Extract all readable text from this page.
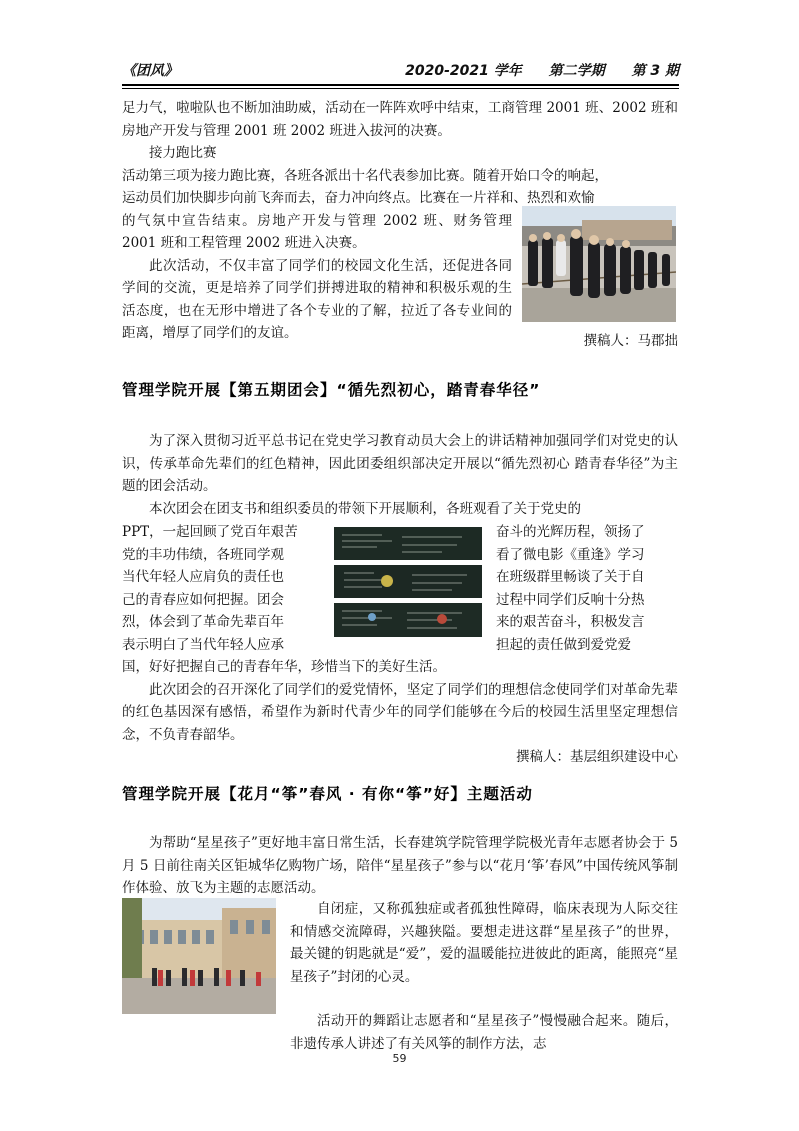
《团风》	2020-2021 学年 第二学期 第 3 期

足力气，啦啦队也不断加油助威，活动在一阵阵欢呼中结束，工商管理 2001 班、2002 班和房地产开发与管理 2001 班 2002 班进入拔河的决赛。

接力跑比赛

活动第三项为接力跑比赛，各班各派出十名代表参加比赛。随着开始口令的响起，

运动员们加快脚步向前飞奔而去，奋力冲向终点。比赛在一片祥和、热烈和欢愉

的气氛中宣告结束。房地产开发与管理 2002 班、财务管理 2001 班和工程管理 2002 班进入决赛。

此次活动，不仅丰富了同学们的校园文化生活，还促进各同学间的交流，更是培养了同学们拼搏进取的精神和积极乐观的生活态度，也在无形中增进了各个专业的了解，拉近了各专业间的距离，增厚了同学们的友谊。	撰稿人：马郡拙

管理学院开展【第五期团会】“循先烈初心，踏青春华径”

为了深入贯彻习近平总书记在党史学习教育动员大会上的讲话精神加强同学们对党史的认识，传承革命先辈们的红色精神，因此团委组织部决定开展以“循先烈初心 踏青春华径”为主题的团会活动。

本次团会在团支书和组织委员的带领下开展顺利，各班观看了关于党史的

PPT，一起回顾了党百年艰苦

党的丰功伟绩，各班同学观

当代年轻人应肩负的责任也

己的青春应如何把握。团会

烈，体会到了革命先辈百年

表示明白了当代年轻人应承

奋斗的光辉历程，领扬了

看了微电影《重逢》学习

在班级群里畅谈了关于自

过程中同学们反响十分热

来的艰苦奋斗，积极发言

担起的责任做到爱党爱

国，好好把握自己的青春年华，珍惜当下的美好生活。

此次团会的召开深化了同学们的爱党情怀，坚定了同学们的理想信念使同学们对革命先辈的红色基因深有感悟，希望作为新时代青少年的同学们能够在今后的校园生活里坚定理想信念，不负青春韶华。

撰稿人：基层组织建设中心

管理学院开展【花月“筝”春风 · 有你“筝”好】主题活动

为帮助“星星孩子”更好地丰富日常生活，长春建筑学院管理学院极光青年志愿者协会于 5 月 5 日前往南关区钜城华亿购物广场，陪伴“星星孩子”参与以“花月‘筝’春风”中国传统风筝制作体验、放飞为主题的志愿活动。

自闭症，又称孤独症或者孤独性障碍，临床表现为人际交往和情感交流障碍，兴趣狭隘。要想走进这群“星星孩子”的世界，最关键的钥匙就是“爱”，爱的温暖能拉进彼此的距离，能照亮“星星孩子”封闭的心灵。

活动开的舞蹈让志愿者和“星星孩子”慢慢融合起来。随后，非遗传承人讲述了有关风筝的制作方法，志

59
